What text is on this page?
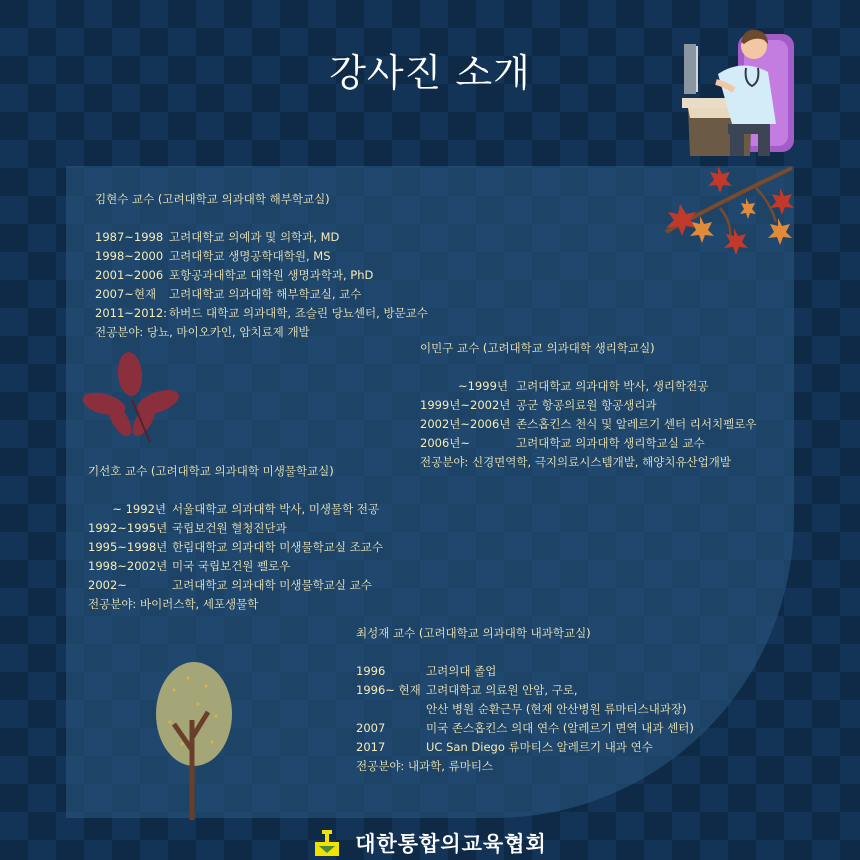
강사진 소개
김현수 교수 (고려대학교 의과대학 해부학교실)
1987~1998 고려대학교 의예과 및 의학과, MD
1998~2000 고려대학교 생명공학대학원, MS
2001~2006 포항공과대학교 대학원 생명과학과, PhD
2007~현재	고려대학교 의과대학 해부학교실, 교수
2011~2012: 하버드 대학교 의과대학, 죠슬린 당뇨센터, 방문교수
전공분야: 당뇨, 마이오카인, 암치료제 개발
이민구 교수 (고려대학교 의과대학 생리학교실)
~1999년 고려대학교 의과대학 박사, 생리학전공
1999년~2002년 공군 항공의료원 항공생리과
2002년~2006년 존스홉킨스 천식 및 알레르기 센터 리서치펠로우
2006년~	고려대학교 의과대학 생리학교실 교수
전공분야: 신경면역학, 극지의료시스템개발, 해양치유산업개발
기선호 교수 (고려대학교 의과대학 미생물학교실)
~ 1992년 서울대학교 의과대학 박사, 미생물학 전공
1992~1995년 국립보건원 혈청진단과
1995~1998년 한림대학교 의과대학 미생물학교실 조교수
1998~2002년 미국 국립보건원 펠로우
2002~	고려대학교 의과대학 미생물학교실 교수
전공분야: 바이러스학, 세포생물학
최성재 교수 (고려대학교 의과대학 내과학교실)
1996	고려의대 졸업
1996~ 현재 고려대학교 의료원 안암, 구로,
안산 병원 순환근무 (현재 안산병원 류마티스내과장)
2007	미국 존스홉킨스 의대 연수 (알레르기 면역 내과 센터)
2017	UC San Diego 류마티스 알레르기 내과 연수
전공분야: 내과학, 류마티스
대한통합의교육협회
